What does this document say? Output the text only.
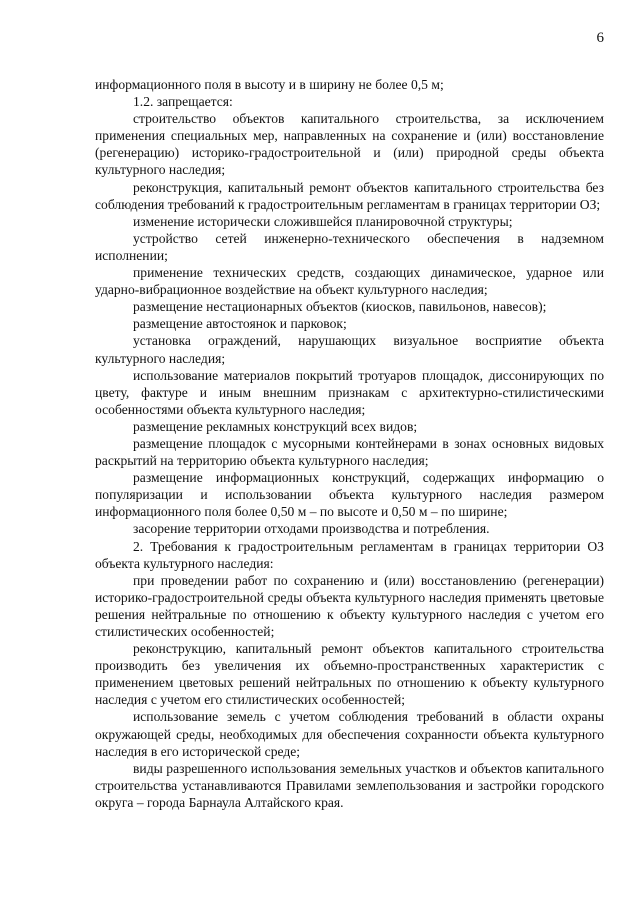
6

информационного поля в высоту и в ширину не более 0,5 м;

1.2. запрещается:

строительство объектов капитального строительства, за исключением применения специальных мер, направленных на сохранение и (или) восстановление (регенерацию) историко-градостроительной и (или) природной среды объекта культурного наследия;

реконструкция, капитальный ремонт объектов капитального строительства без соблюдения требований к градостроительным регламентам в границах территории ОЗ;

изменение исторически сложившейся планировочной структуры;

устройство сетей инженерно-технического обеспечения в надземном исполнении;

применение технических средств, создающих динамическое, ударное или ударно-вибрационное воздействие на объект культурного наследия;

размещение нестационарных объектов (киосков, павильонов, навесов);

размещение автостоянок и парковок;

установка ограждений, нарушающих визуальное восприятие объекта культурного наследия;

использование материалов покрытий тротуаров площадок, диссонирующих по цвету, фактуре и иным внешним признакам с архитектурно-стилистическими особенностями объекта культурного наследия;

размещение рекламных конструкций всех видов;

размещение площадок с мусорными контейнерами в зонах основных видовых раскрытий на территорию объекта культурного наследия;

размещение информационных конструкций, содержащих информацию о популяризации и использовании объекта культурного наследия размером информационного поля более 0,50 м – по высоте и 0,50 м – по ширине;

засорение территории отходами производства и потребления.

2. Требования к градостроительным регламентам в границах территории ОЗ объекта культурного наследия:

при проведении работ по сохранению и (или) восстановлению (регенерации) историко-градостроительной среды объекта культурного наследия применять цветовые решения нейтральные по отношению к объекту культурного наследия с учетом его стилистических особенностей;

реконструкцию, капитальный ремонт объектов капитального строительства производить без увеличения их объемно-пространственных характеристик с применением цветовых решений нейтральных по отношению к объекту культурного наследия с учетом его стилистических особенностей;

использование земель с учетом соблюдения требований в области охраны окружающей среды, необходимых для обеспечения сохранности объекта культурного наследия в его исторической среде;

виды разрешенного использования земельных участков и объектов капитального строительства устанавливаются Правилами землепользования и застройки городского округа – города Барнаула Алтайского края.
